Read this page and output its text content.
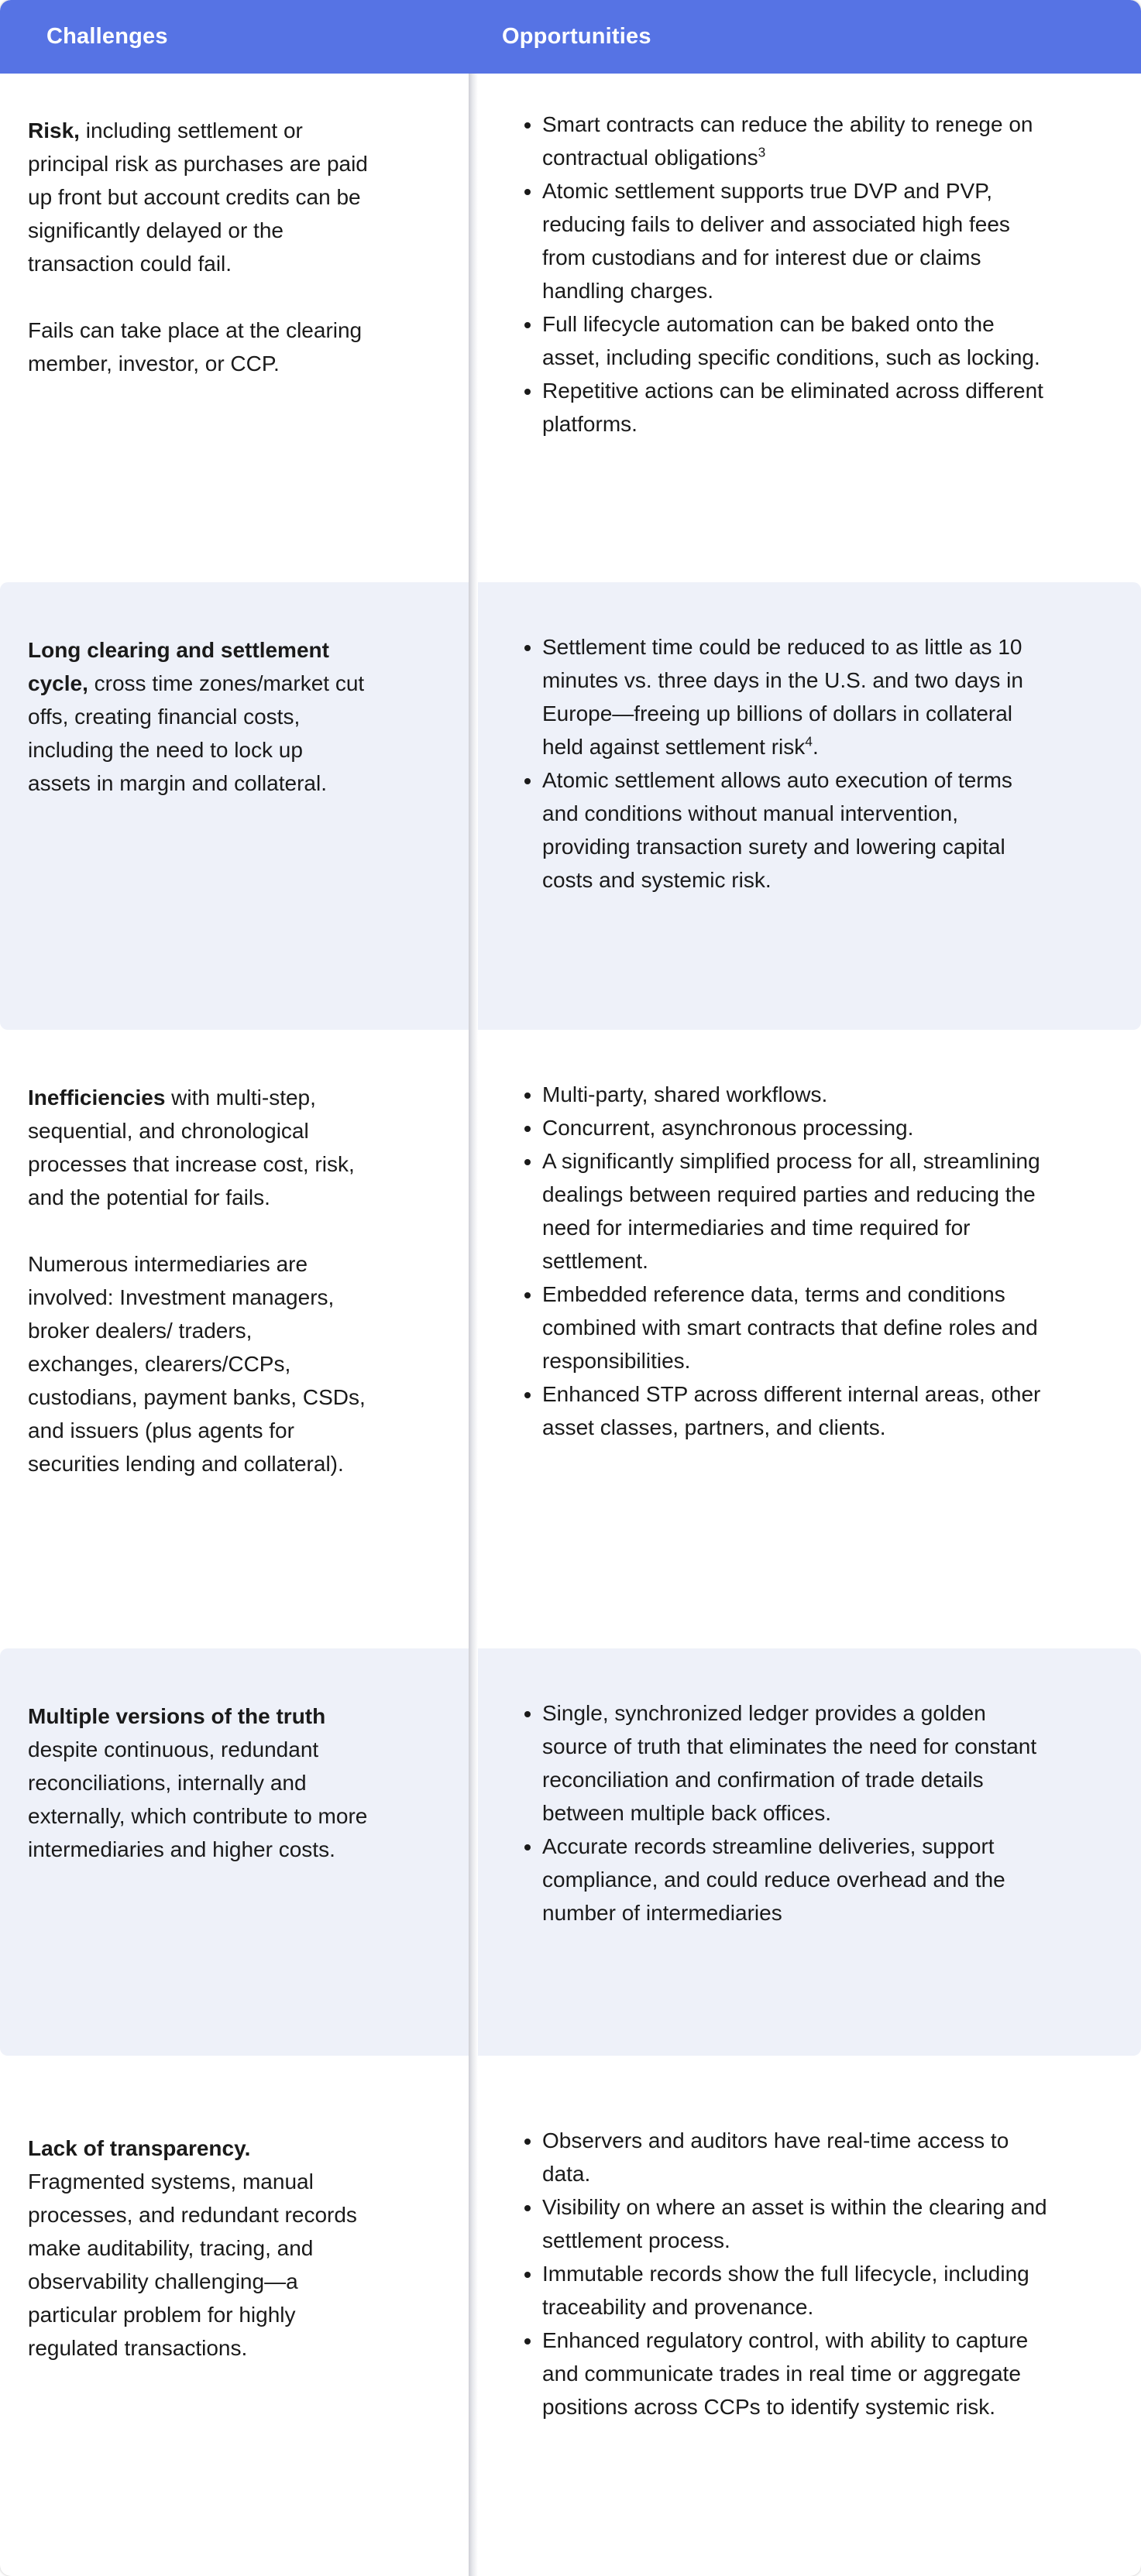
Challenges	Opportunities

Risk, including settlement or principal risk as purchases are paid up front but account credits can be significantly delayed or the transaction could fail.

Fails can take place at the clearing member, investor, or CCP.

• Smart contracts can reduce the ability to renege on contractual obligations$^3$
• Atomic settlement supports true DVP and PVP, reducing fails to deliver and associated high fees from custodians and for interest due or claims handling charges.
• Full lifecycle automation can be baked onto the asset, including specific conditions, such as locking.
• Repetitive actions can be eliminated across different platforms.

Long clearing and settlement cycle, cross time zones/market cut offs, creating financial costs, including the need to lock up assets in margin and collateral.

• Settlement time could be reduced to as little as 10 minutes vs. three days in the U.S. and two days in Europe—freeing up billions of dollars in collateral held against settlement risk$^4$.
• Atomic settlement allows auto execution of terms and conditions without manual intervention, providing transaction surety and lowering capital costs and systemic risk.

Inefficiencies with multi-step, sequential, and chronological processes that increase cost, risk, and the potential for fails.

Numerous intermediaries are involved: Investment managers, broker dealers/ traders, exchanges, clearers/CCPs, custodians, payment banks, CSDs, and issuers (plus agents for securities lending and collateral).

• Multi-party, shared workflows.
• Concurrent, asynchronous processing.
• A significantly simplified process for all, streamlining dealings between required parties and reducing the need for intermediaries and time required for settlement.
• Embedded reference data, terms and conditions combined with smart contracts that define roles and responsibilities.
• Enhanced STP across different internal areas, other asset classes, partners, and clients.

Multiple versions of the truth despite continuous, redundant reconciliations, internally and externally, which contribute to more intermediaries and higher costs.

• Single, synchronized ledger provides a golden source of truth that eliminates the need for constant reconciliation and confirmation of trade details between multiple back offices.
• Accurate records streamline deliveries, support compliance, and could reduce overhead and the number of intermediaries

Lack of transparency. Fragmented systems, manual processes, and redundant records make auditability, tracing, and observability challenging—a particular problem for highly regulated transactions.

• Observers and auditors have real-time access to data.
• Visibility on where an asset is within the clearing and settlement process.
• Immutable records show the full lifecycle, including traceability and provenance.
• Enhanced regulatory control, with ability to capture and communicate trades in real time or aggregate positions across CCPs to identify systemic risk.
